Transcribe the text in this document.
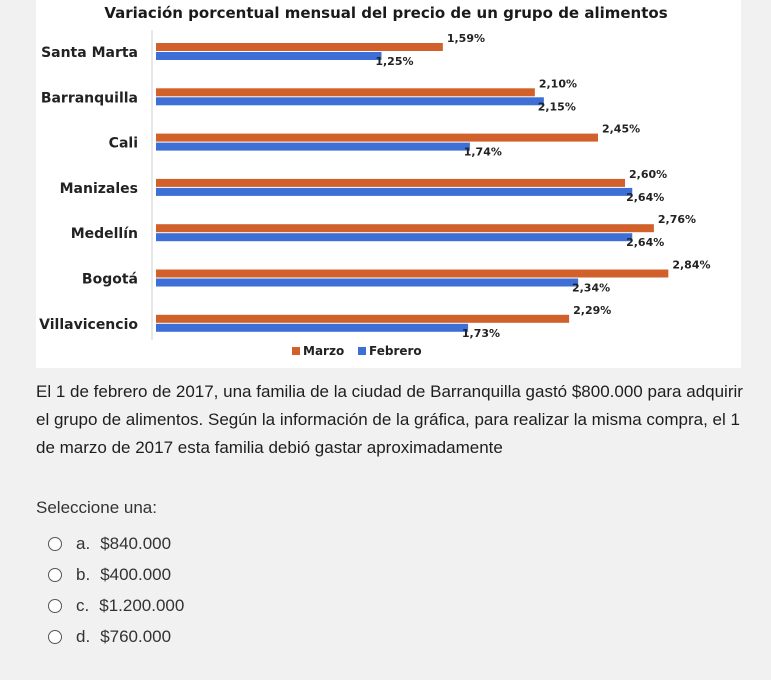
Variación porcentual mensual del precio de un grupo de alimentos
Santa Marta
1,59%
1,25%
Barranquilla
2,10%
2,15%
Cali
2,45%
1,74%
Manizales
2,60%
2,64%
Medellín
2,76%
2,64%
Bogotá
2,84%
2,34%
Villavicencio
2,29%
1,73%
Marzo Febrero
El 1 de febrero de 2017, una familia de la ciudad de Barranquilla gastó $800.000 para adquirir el grupo de alimentos. Según la información de la gráfica, para realizar la misma compra, el 1 de marzo de 2017 esta familia debió gastar aproximadamente
Seleccione una:
a. $840.000
b. $400.000
c. $1.200.000
d. $760.000
